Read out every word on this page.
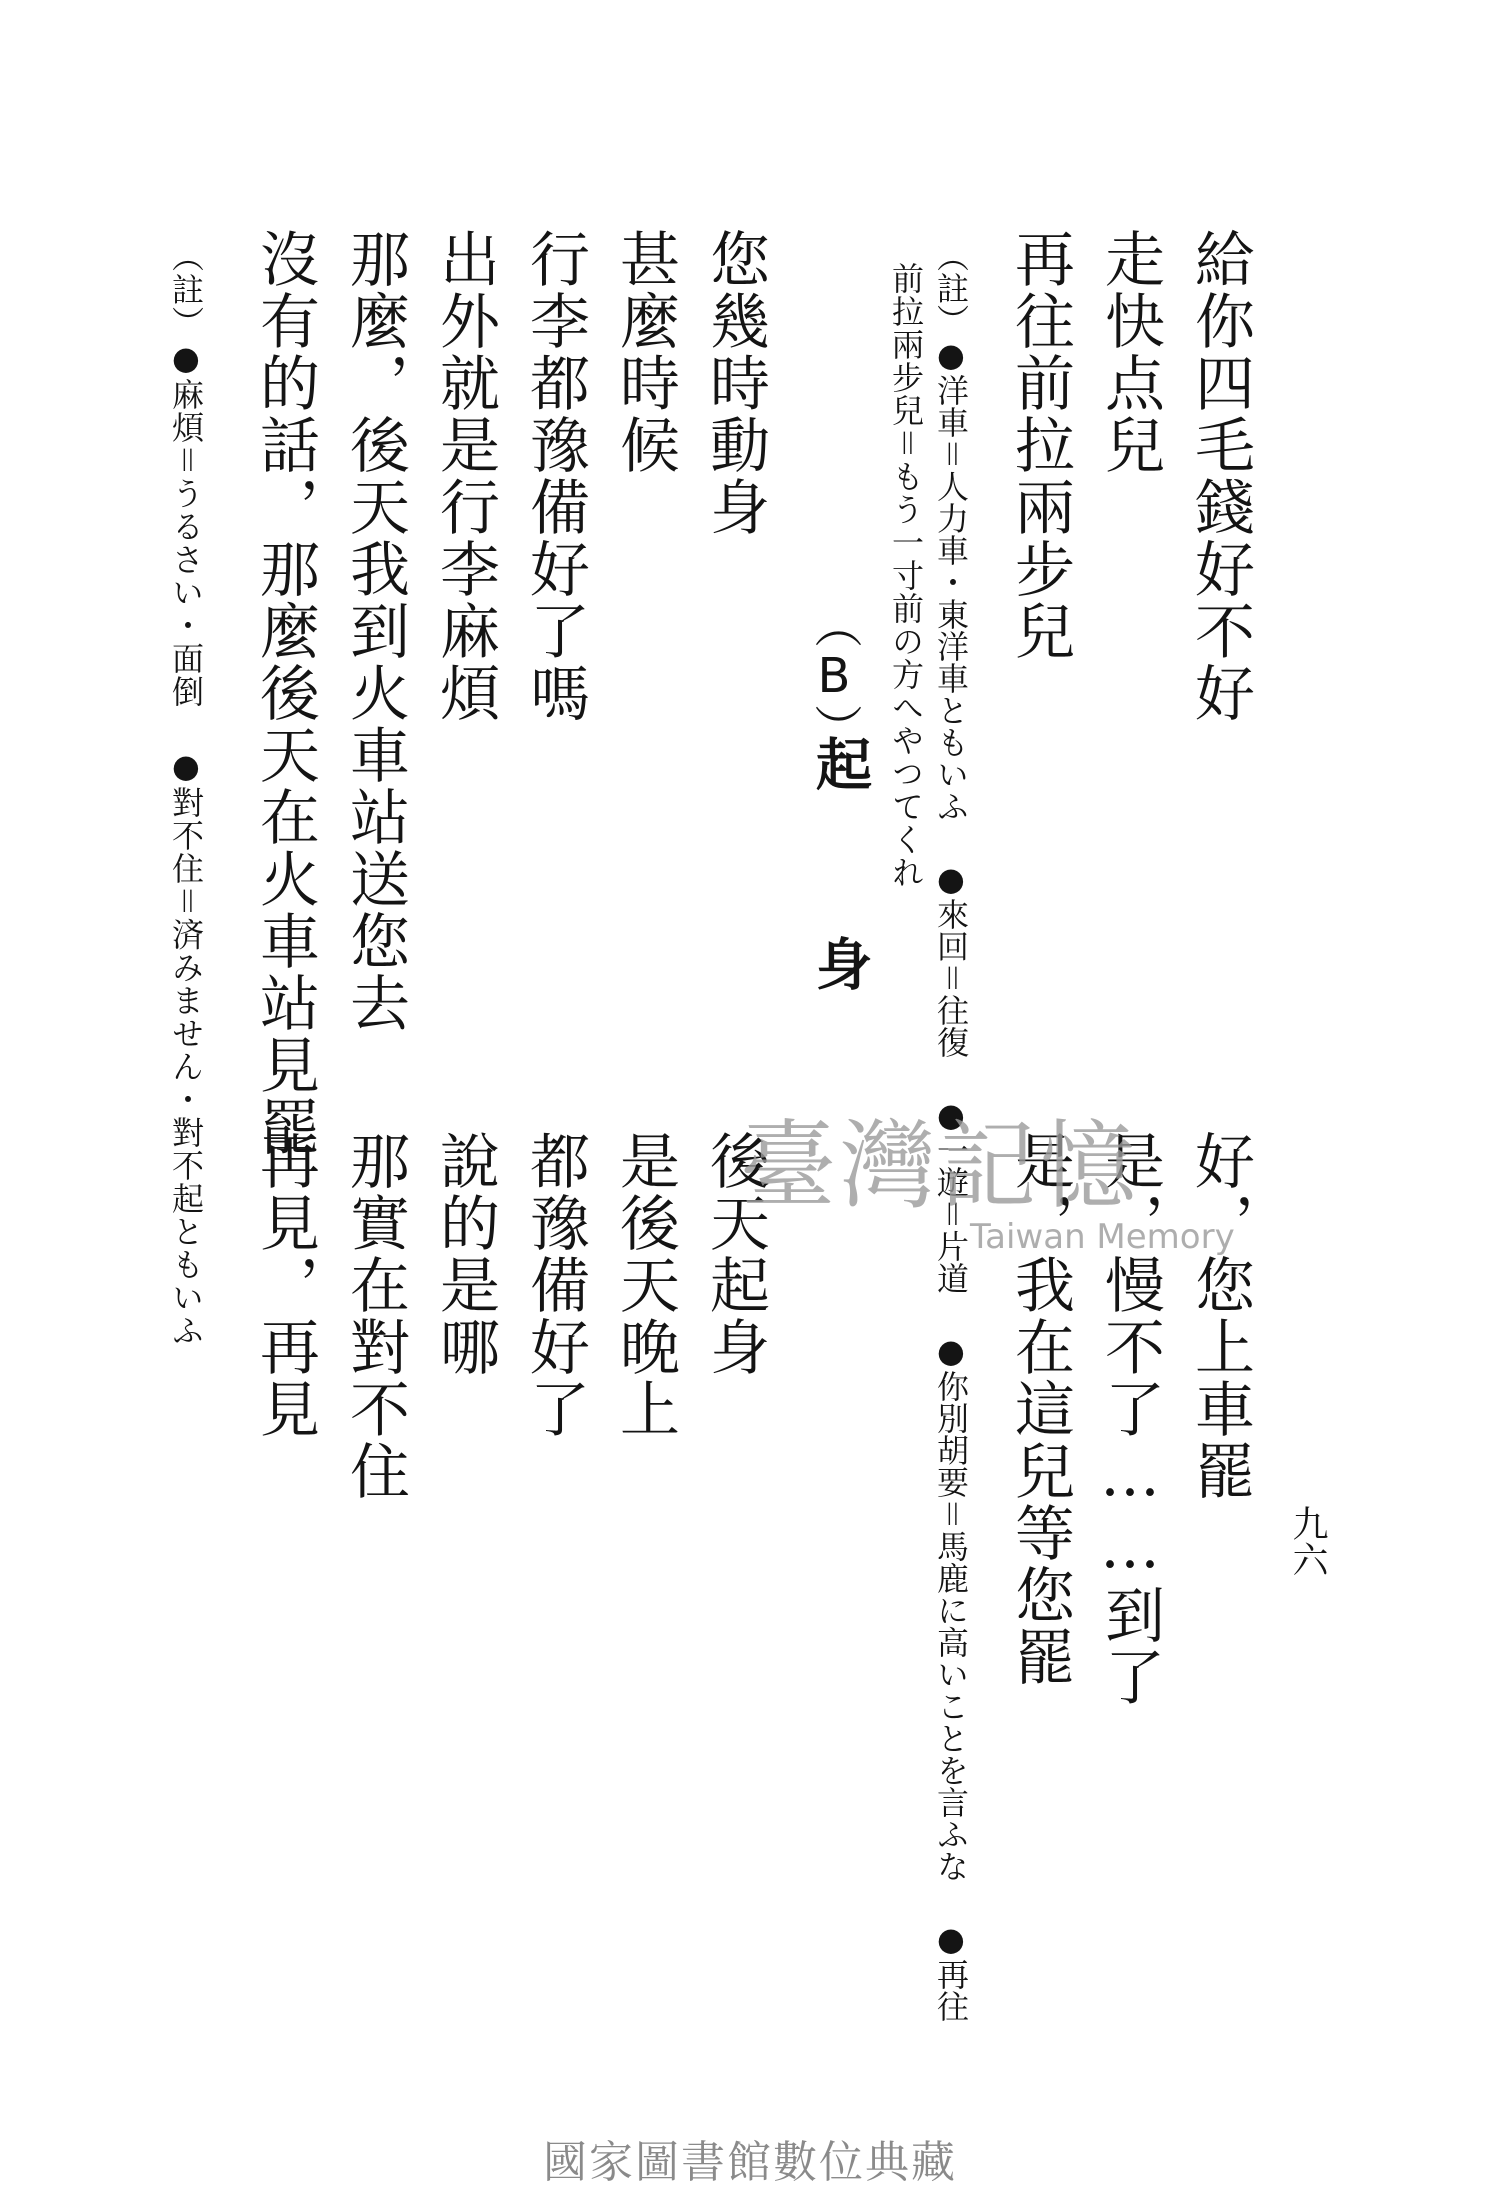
九六
給你四毛錢好不好
走快点兒
再往前拉兩步兒
好，您上車罷
是，慢不了……到了
是，我在這兒等您罷
（註）●洋車＝人力車・東洋車ともいふ ●來回＝往復 ●一遊＝片道 ●你別胡要＝馬鹿に高いことを言ふな ●再往
前拉兩步兒＝もう一寸前の方へやつてくれ
（B）
起
身
您幾時動身
甚麼時候
行李都豫備好了嗎
出外就是行李麻煩
那麼，後天我到火車站送您去
沒有的話，那麼後天在火車站見罷
後天起身
是後天晚上
都豫備好了
說的是哪
那實在對不住
再見，再見
（註）●麻煩＝うるさい・面倒 ●對不住＝済みません・對不起ともいふ	臺灣記憶
Taiwan Memory
國家圖書館數位典藏
